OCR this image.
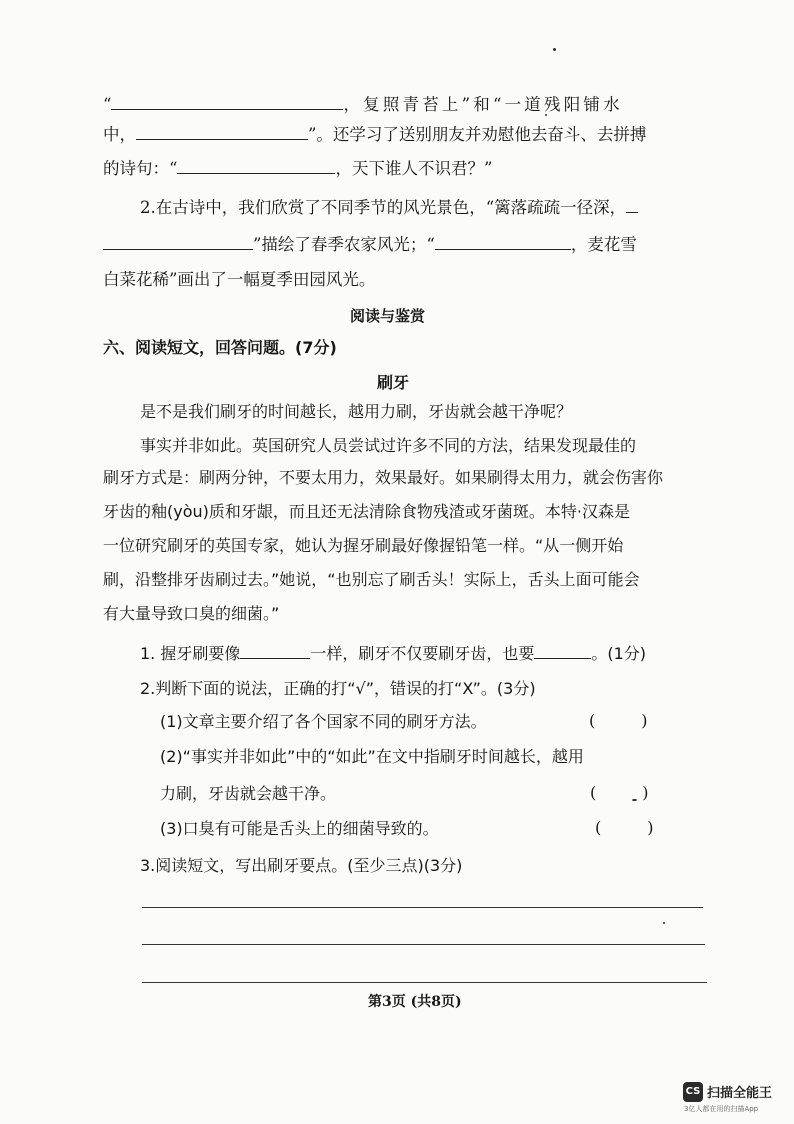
“	，复照青苔上”和“一道残阳铺水
中，	”。还学习了送别朋友并劝慰他去奋斗、去拼搏
的诗句：“	，天下谁人不识君？”
2.在古诗中，我们欣赏了不同季节的风光景色，“篱落疏疏一径深，
”描绘了春季农家风光；“	，麦花雪
白菜花稀”画出了一幅夏季田园风光。
阅读与鉴赏
六、阅读短文，回答问题。(7分)
刷牙
是不是我们刷牙的时间越长，越用力刷，牙齿就会越干净呢？
事实并非如此。英国研究人员尝试过许多不同的方法，结果发现最佳的
刷牙方式是：刷两分钟，不要太用力，效果最好。如果刷得太用力，就会伤害你
牙齿的釉(yòu)质和牙龈，而且还无法清除食物残渣或牙菌斑。本特·汉森是
一位研究刷牙的英国专家，她认为握牙刷最好像握铅笔一样。“从一侧开始
刷，沿整排牙齿刷过去。”她说，“也别忘了刷舌头！实际上，舌头上面可能会
有大量导致口臭的细菌。”
1. 握牙刷要像	一样，刷牙不仅要刷牙齿，也要	。(1分)
2.判断下面的说法，正确的打“√”，错误的打“X”。(3分)
(1)文章主要介绍了各个国家不同的刷牙方法。	(	)
(2)“事实并非如此”中的“如此”在文中指刷牙时间越长，越用
力刷，牙齿就会越干净。	(	)
(3)口臭有可能是舌头上的细菌导致的。	(	)
3.阅读短文，写出刷牙要点。(至少三点)(3分)
第3页 (共8页)
CS 扫描全能王
3亿人都在用的扫描App
